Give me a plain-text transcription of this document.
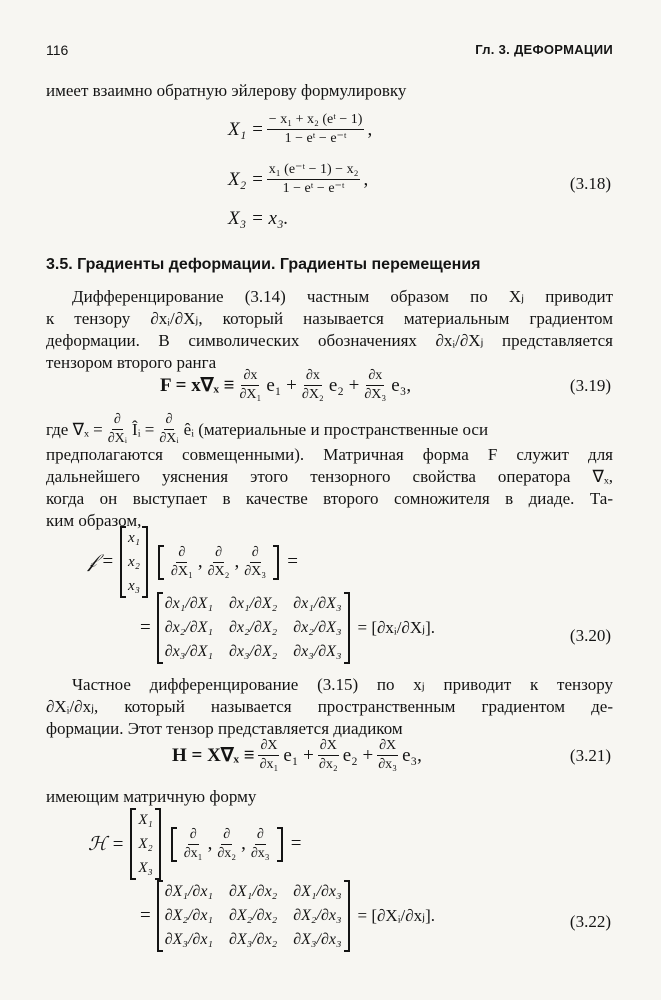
116	Гл. 3. ДЕФОРМАЦИИ
имеет взаимно обратную эйлерову формулировку
$X_1 = \frac{\text{− x₁ + x₂ (eᵗ − 1)}}{\text{1 − eᵗ − e⁻ᵗ}}$ ,
$X_2 = \frac{\text{x₁ (e⁻ᵗ − 1) − x₂}}{\text{1 − eᵗ − e⁻ᵗ}}$ ,
X₃ = x₃.
(3.18)
3.5. Градиенты деформации. Градиенты перемещения
Дифференцирование (3.14) частным образом по Xⱼ приводит
к тензору ∂xᵢ/∂Xⱼ, который называется материальным градиентом
деформации. В символических обозначениях ∂xᵢ/∂Xⱼ представляется
тензором второго ранга
$F = x\nabla_x \equiv \frac{\partial x}{\text{∂X₁}} e_1 + \frac{\partial x}{\text{∂X₂}} e_2 + \frac{\partial x}{\text{∂X₃}} e_3$,	(3.19)
где $\nabla_x = \frac{\partial}{\text{∂Xᵢ}}$ Îᵢ = $\frac{\partial}{\text{∂Xᵢ}}$ êᵢ (материальные и пространственные оси
предполагаются совмещенными). Матричная форма F служит для
дальнейшего уяснения этого тензорного свойства оператора ∇ₓ,
когда он выступает в качестве второго сомножителя в диаде. Та-
ким образом,
𝒻 =
x₁
x₂
x₃
$\frac{\partial}{\text{∂X₁}}$ , $\frac{\partial}{\text{∂X₂}}$ , $\frac{\partial}{\text{∂X₃}}$ =
=
∂x₁/∂X₁ ∂x₁/∂X₂ ∂x₁/∂X₃
∂x₂/∂X₁ ∂x₂/∂X₂ ∂x₂/∂X₃
∂x₃/∂X₁ ∂x₃/∂X₂ ∂x₃/∂X₃
= [∂xᵢ/∂Xⱼ].	(3.20)
Частное дифференцирование (3.15) по xⱼ приводит к тензору
∂Xᵢ/∂xⱼ, который называется пространственным градиентом де-
формации. Этот тензор представляется диадиком
$H = X\nabla_x \equiv \frac{\partial X}{\text{∂x₁}} e_1 + \frac{\partial X}{\text{∂x₂}} e_2 + \frac{\partial X}{\text{∂x₃}} e_3$,	(3.21)
имеющим матричную форму
ℋ =
X₁
X₂
X₃
$\frac{\partial}{\text{∂x₁}}$ , $\frac{\partial}{\text{∂x₂}}$ , $\frac{\partial}{\text{∂x₃}}$ =
=
∂X₁/∂x₁ ∂X₁/∂x₂ ∂X₁/∂x₃
∂X₂/∂x₁ ∂X₂/∂x₂ ∂X₂/∂x₃
∂X₃/∂x₁ ∂X₃/∂x₂ ∂X₃/∂x₃
= [∂Xᵢ/∂xⱼ].	(3.22)
